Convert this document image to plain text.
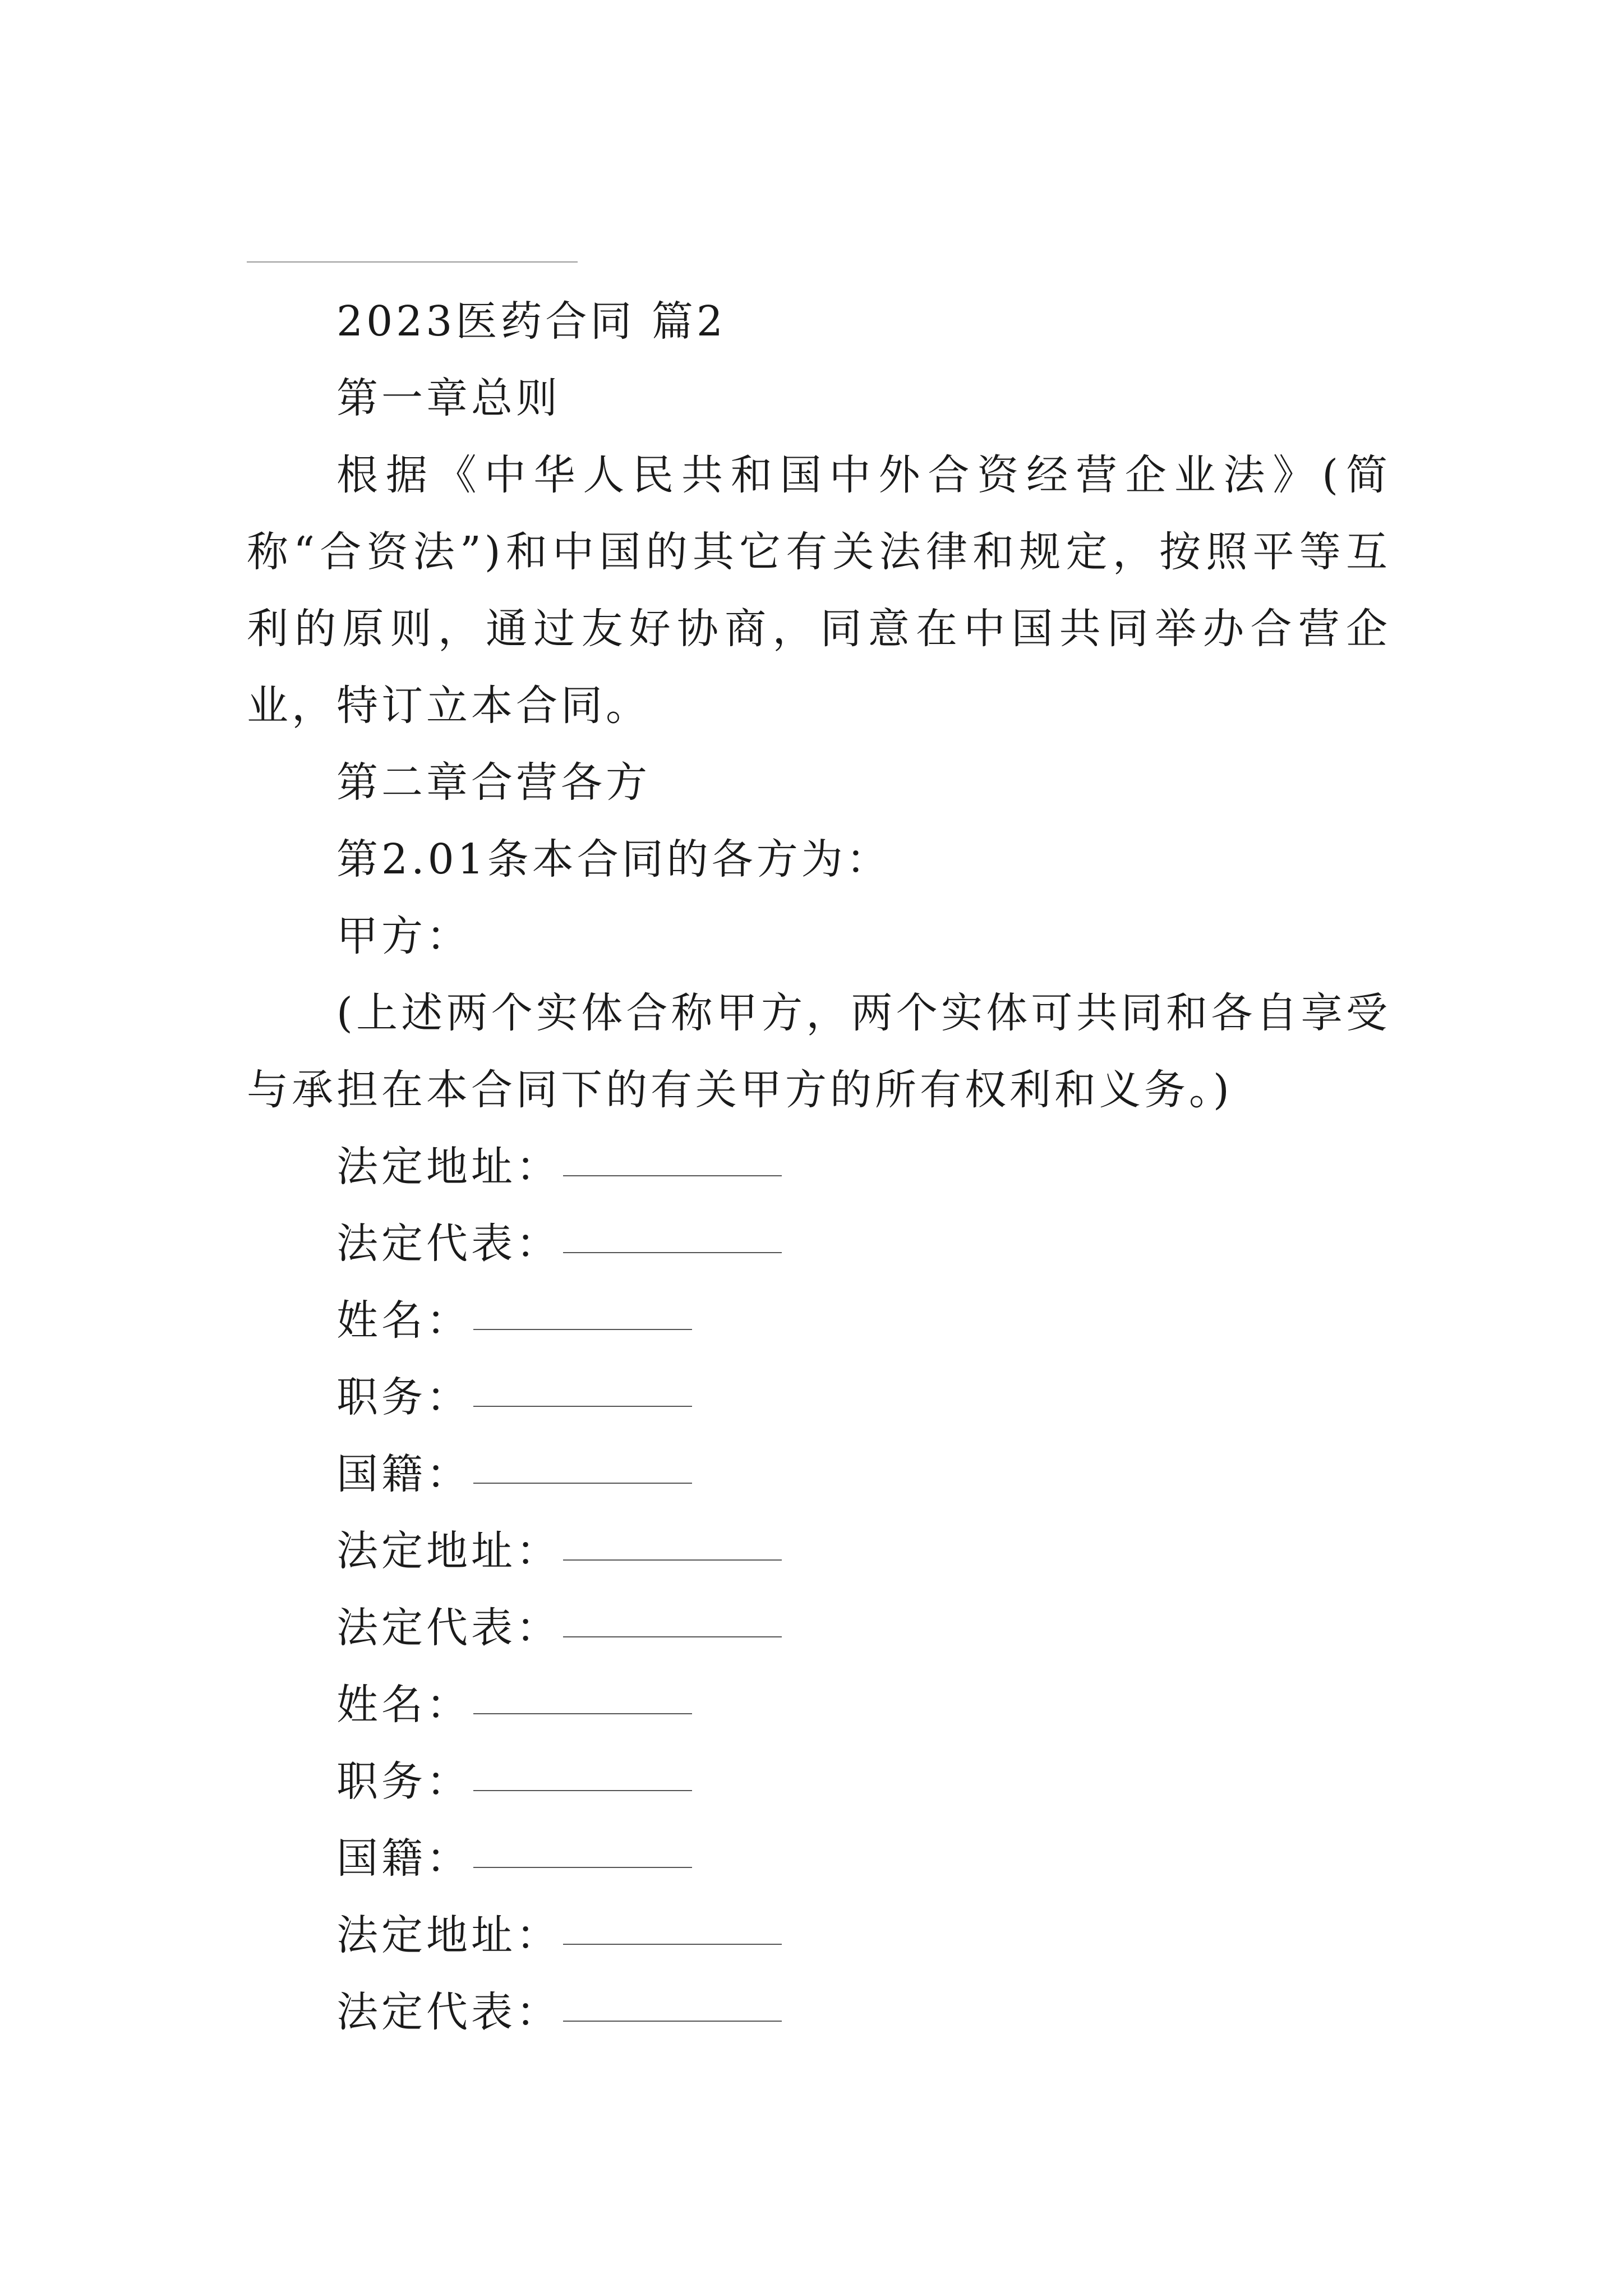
2023医药合同 篇2

第一章总则

根据《中华人民共和国中外合资经营企业法》(简称“合资法”)和中国的其它有关法律和规定，按照平等互利的原则，通过友好协商，同意在中国共同举办合营企业，特订立本合同。

第二章合营各方

第2.01条本合同的各方为：

甲方：

(上述两个实体合称甲方，两个实体可共同和各自享受与承担在本合同下的有关甲方的所有权利和义务。)

法定地址：
法定代表：
姓名：
职务：
国籍：
法定地址：
法定代表：
姓名：
职务：
国籍：
法定地址：
法定代表：
